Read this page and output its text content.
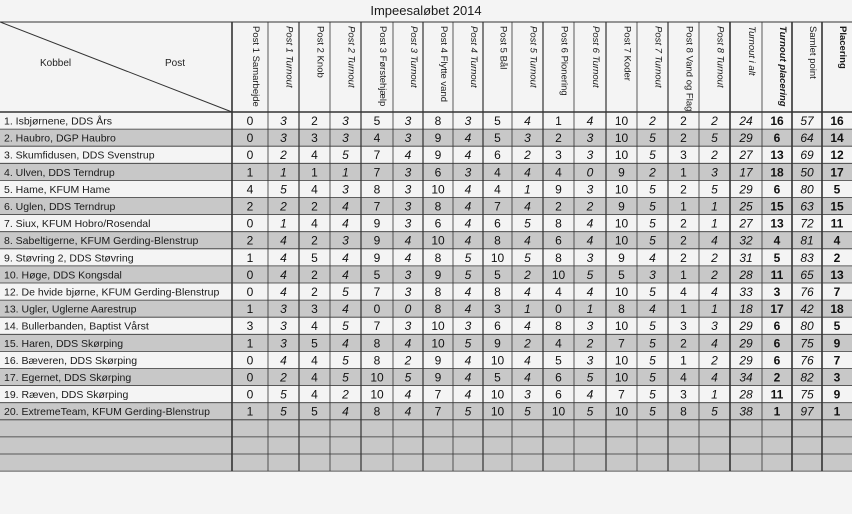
Kobbel	Post	Post 1 Samarbejde Post 1 Turnout Post 2 Knob Post 2 Turnout Post 3 Førstehjælp Post 3 Turnout Post 4 Flytte vand Post 4 Turnout Post 5 Bål Post 5 Turnout Post 6 Pionering Post 6 Turnout Post 7 Koder Post 7 Turnout Post 8 Vand og Flag Post 8 Turnout Turnout i alt Turnout placering Samlet point Placering
1. Isbjørnene, DDS Års	0 3 2 3 5 3 8 3 5 4 1 4 10 2 2 2 24 16 57 16
2. Haubro, DGP Haubro	0 3 3 3 4 3 9 4 5 3 2 3 10 5 2 5 29 6 64 14
3. Skumfidusen, DDS Svenstrup	0 2 4 5 7 4 9 4 6 2 3 3 10 5 3 2 27 13 69 12
4. Ulven, DDS Terndrup	1 1 1 1 7 3 6 3 4 4 4 0 9 2 1 3 17 18 50 17
5. Hame, KFUM Hame	4 5 4 3 8 3 10 4 4 1 9 3 10 5 2 5 29 6 80 5
6. Uglen, DDS Terndrup	2 2 2 4 7 3 8 4 7 4 2 2 9 5 1 1 25 15 63 15
7. Siux, KFUM Hobro/Rosendal	0 1 4 4 9 3 6 4 6 5 8 4 10 5 2 1 27 13 72 11
8. Sabeltigerne, KFUM Gerding-Blenstrup	2 4 2 3 9 4 10 4 8 4 6 4 10 5 2 4 32 4 81 4
9. Støvring 2, DDS Støvring	1 4 5 4 9 4 8 5 10 5 8 3 9 4 2 2 31 5 83 2
10. Høge, DDS Kongsdal	0 4 2 4 5 3 9 5 5 2 10 5 5 3 1 2 28 11 65 13
12. De hvide bjørne, KFUM Gerding-Blenstrup 0 4 2 5 7 3 8 4 8 4 4 4 10 5 4 4 33 3 76 7
13. Ugler, Uglerne Aarestrup	1 3 3 4 0 0 8 4 3 1 0 1 8 4 1 1 18 17 42 18
14. Bullerbanden, Baptist Vårst	3 3 4 5 7 3 10 3 6 4 8 3 10 5 3 3 29 6 80 5
15. Haren, DDS Skørping	1 3 5 4 8 4 10 5 9 2 4 2 7 5 2 4 29 6 75 9
16. Bæveren, DDS Skørping	0 4 4 5 8 2 9 4 10 4 5 3 10 5 1 2 29 6 76 7
17. Egernet, DDS Skørping	0 2 4 5 10 5 9 4 5 4 6 5 10 5 4 4 34 2 82 3
19. Ræven, DDS Skørping	0 5 4 2 10 4 7 4 10 3 6 4 7 5 3 1 28 11 75 9
20. ExtremeTeam, KFUM Gerding-Blenstrup	1 5 5 4 8 4 7 5 10 5 10 5 10 5 8 5 38 1 97 1
Impeesaløbet 2014
